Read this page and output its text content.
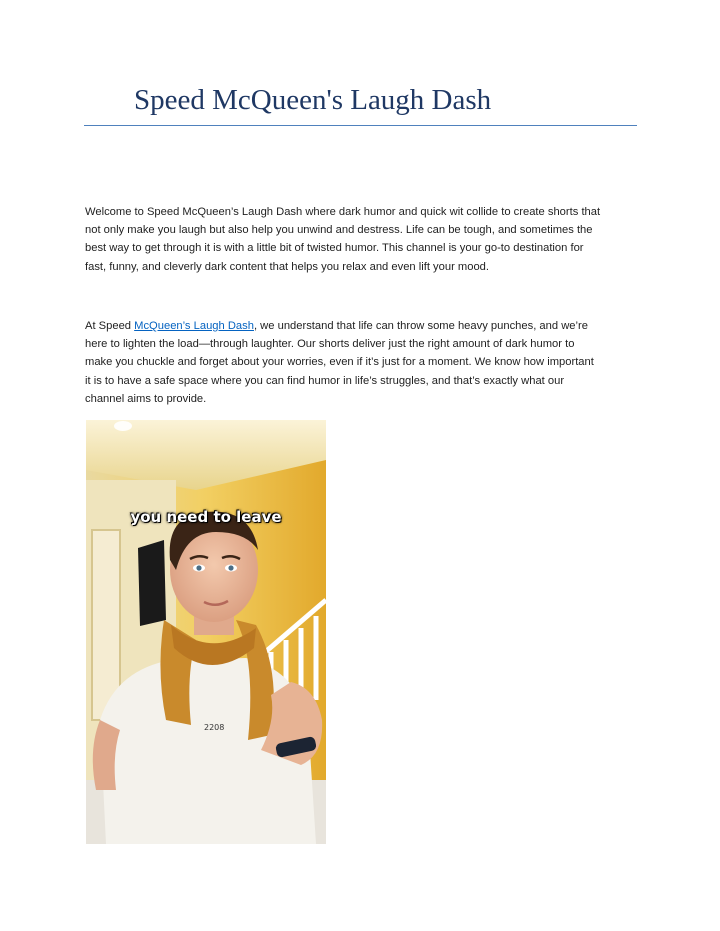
Speed McQueen's Laugh Dash

Welcome to Speed McQueen’s Laugh Dash where dark humor and quick wit collide to create shorts that
not only make you laugh but also help you unwind and destress. Life can be tough, and sometimes the
best way to get through it is with a little bit of twisted humor. This channel is your go-to destination for
fast, funny, and cleverly dark content that helps you relax and even lift your mood.

At Speed McQueen’s Laugh Dash, we understand that life can throw some heavy punches, and we’re
here to lighten the load—through laughter. Our shorts deliver just the right amount of dark humor to
make you chuckle and forget about your worries, even if it’s just for a moment. We know how important
it is to have a safe space where you can find humor in life’s struggles, and that’s exactly what our
channel aims to provide.

2208
you need to leave
